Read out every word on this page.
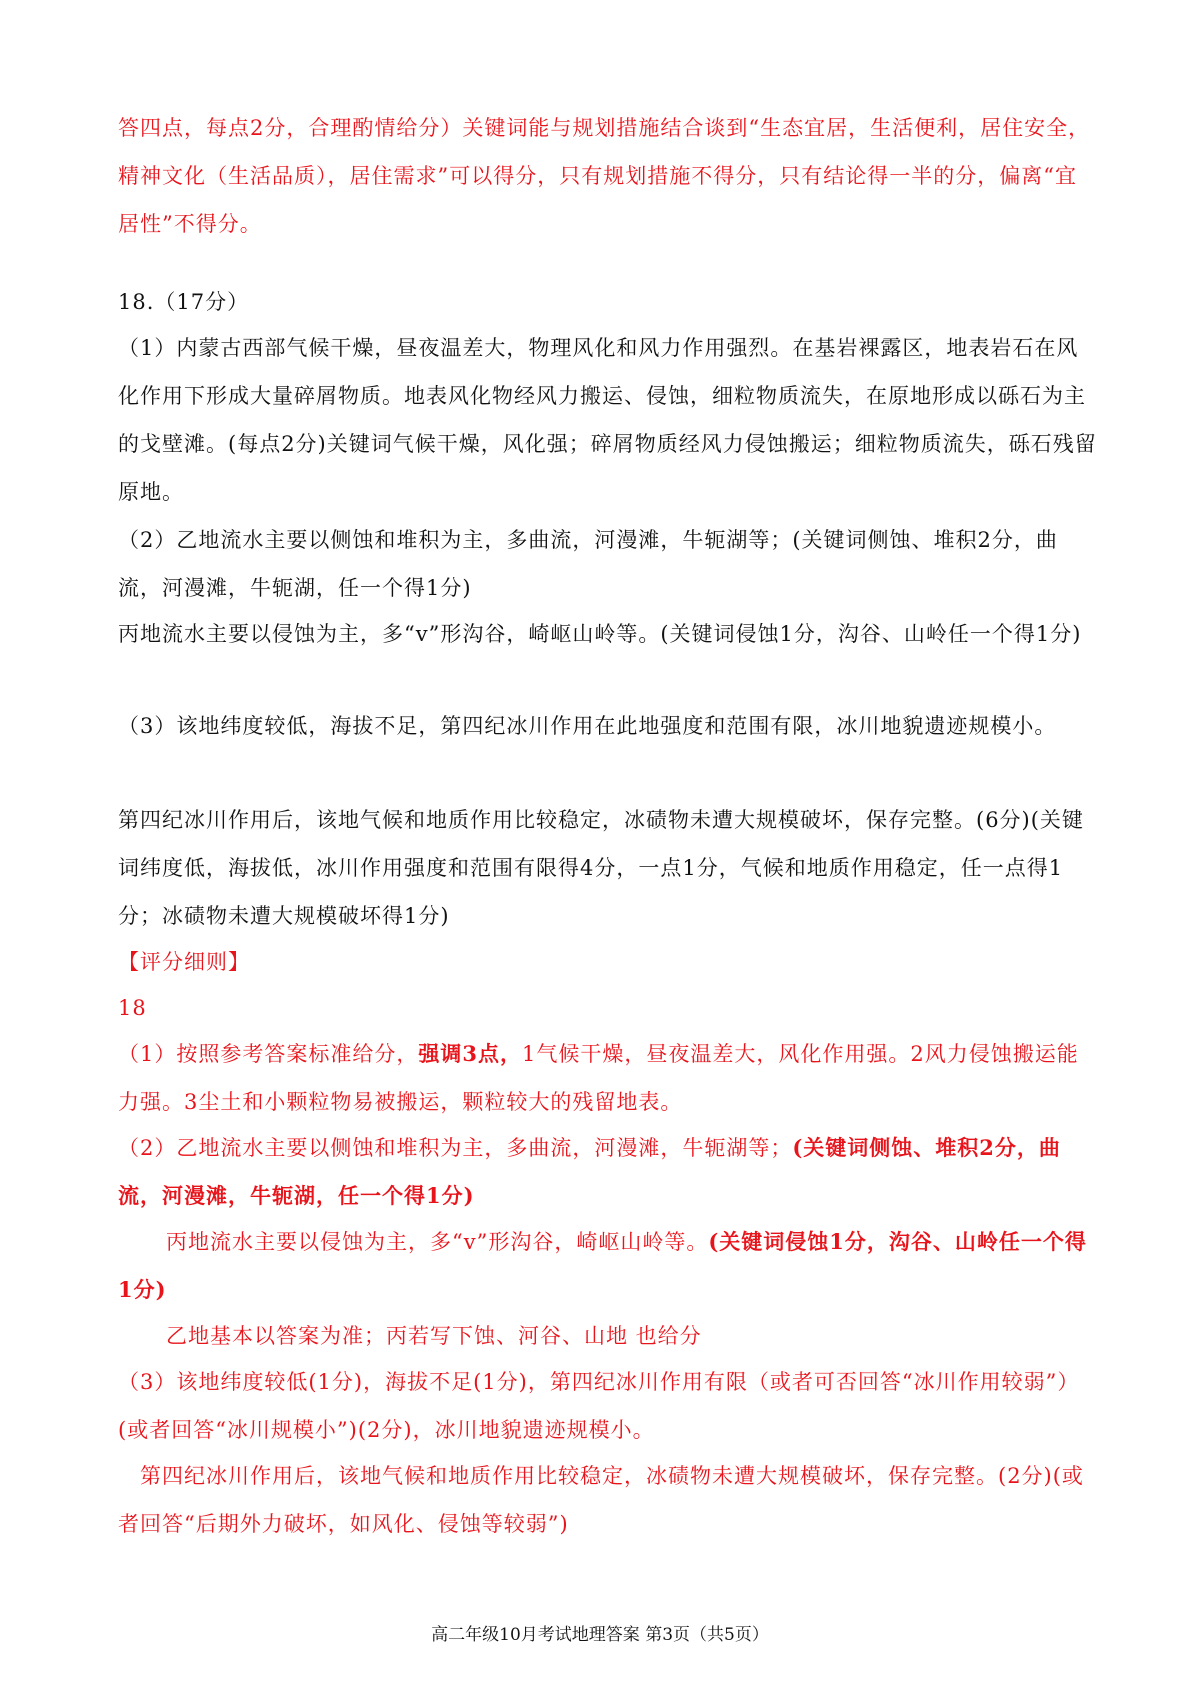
答四点，每点2分，合理酌情给分）关键词能与规划措施结合谈到“生态宜居，生活便利，居住安全，精神文化（生活品质），居住需求”可以得分，只有规划措施不得分，只有结论得一半的分，偏离“宜居性”不得分。

18.（17分）

（1）内蒙古西部气候干燥，昼夜温差大，物理风化和风力作用强烈。在基岩裸露区，地表岩石在风化作用下形成大量碎屑物质。地表风化物经风力搬运、侵蚀，细粒物质流失，在原地形成以砾石为主的戈壁滩。(每点2分)关键词气候干燥，风化强；碎屑物质经风力侵蚀搬运；细粒物质流失，砾石残留原地。

（2）乙地流水主要以侧蚀和堆积为主，多曲流，河漫滩，牛轭湖等；(关键词侧蚀、堆积2分，曲流，河漫滩，牛轭湖，任一个得1分)

丙地流水主要以侵蚀为主，多“v”形沟谷，崎岖山岭等。(关键词侵蚀1分，沟谷、山岭任一个得1分)

（3）该地纬度较低，海拔不足，第四纪冰川作用在此地强度和范围有限，冰川地貌遗迹规模小。

第四纪冰川作用后，该地气候和地质作用比较稳定，冰碛物未遭大规模破坏，保存完整。(6分)(关键词纬度低，海拔低，冰川作用强度和范围有限得4分，一点1分，气候和地质作用稳定，任一点得1分；冰碛物未遭大规模破坏得1分)

【评分细则】

18

（1）按照参考答案标准给分，强调3点，1气候干燥，昼夜温差大，风化作用强。2风力侵蚀搬运能力强。3尘土和小颗粒物易被搬运，颗粒较大的残留地表。

（2）乙地流水主要以侧蚀和堆积为主，多曲流，河漫滩，牛轭湖等；(关键词侧蚀、堆积2分，曲流，河漫滩，牛轭湖，任一个得1分)

丙地流水主要以侵蚀为主，多“v”形沟谷，崎岖山岭等。(关键词侵蚀1分，沟谷、山岭任一个得1分)

乙地基本以答案为准；丙若写下蚀、河谷、山地 也给分

（3）该地纬度较低(1分)，海拔不足(1分)，第四纪冰川作用有限（或者可否回答“冰川作用较弱”）(或者回答“冰川规模小”)(2分)，冰川地貌遗迹规模小。

第四纪冰川作用后，该地气候和地质作用比较稳定，冰碛物未遭大规模破坏，保存完整。(2分)(或者回答“后期外力破坏，如风化、侵蚀等较弱”)

高二年级10月考试地理答案 第3页（共5页）
